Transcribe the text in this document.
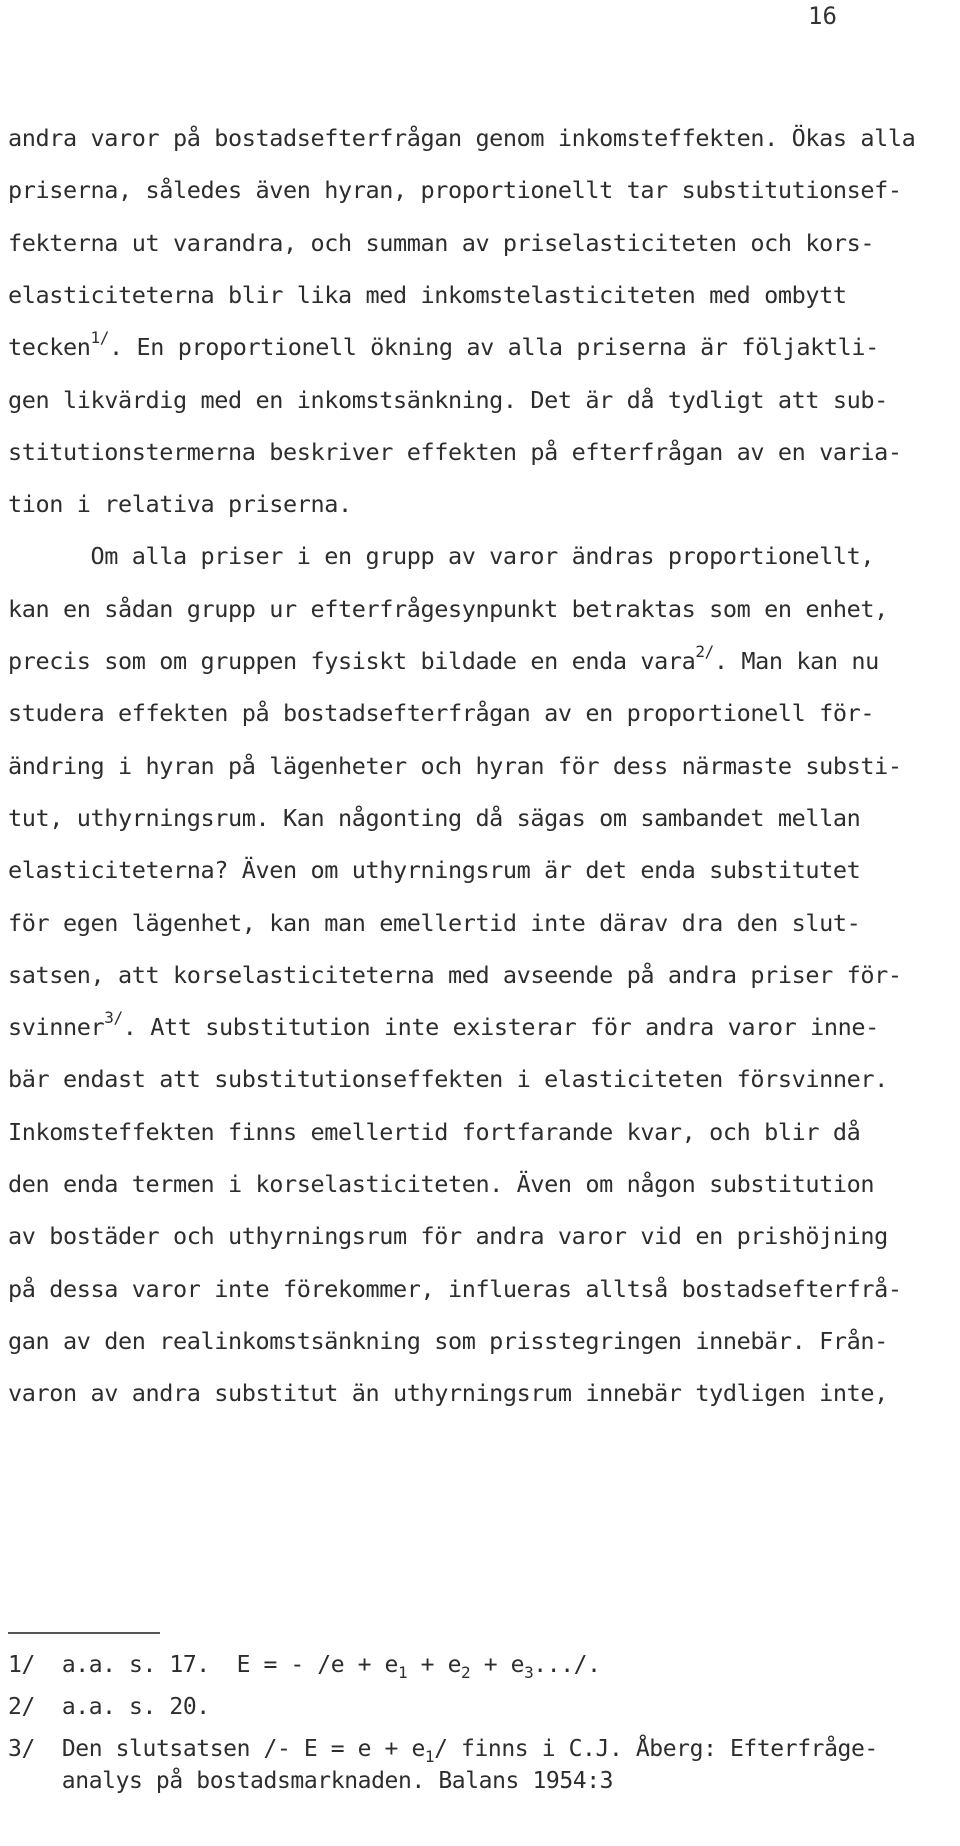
16
andra varor på bostadsefterfrågan genom inkomsteffekten. Ökas alla
priserna, således även hyran, proportionellt tar substitutionsef-
fekterna ut varandra, och summan av priselasticiteten och kors-
elasticiteterna blir lika med inkomstelasticiteten med ombytt
tecken$^{1/}$. En proportionell ökning av alla priserna är följaktli-
gen likvärdig med en inkomstsänkning. Det är då tydligt att sub-
stitutionstermerna beskriver effekten på efterfrågan av en varia-
tion i relativa priserna.
Om alla priser i en grupp av varor ändras proportionellt,
kan en sådan grupp ur efterfrågesynpunkt betraktas som en enhet,
precis som om gruppen fysiskt bildade en enda vara$^{2/}$. Man kan nu
studera effekten på bostadsefterfrågan av en proportionell för-
ändring i hyran på lägenheter och hyran för dess närmaste substi-
tut, uthyrningsrum. Kan någonting då sägas om sambandet mellan
elasticiteterna? Även om uthyrningsrum är det enda substitutet
för egen lägenhet, kan man emellertid inte därav dra den slut-
satsen, att korselasticiteterna med avseende på andra priser för-
svinner$^{3/}$. Att substitution inte existerar för andra varor inne-
bär endast att substitutionseffekten i elasticiteten försvinner.
Inkomsteffekten finns emellertid fortfarande kvar, och blir då
den enda termen i korselasticiteten. Även om någon substitution
av bostäder och uthyrningsrum för andra varor vid en prishöjning
på dessa varor inte förekommer, influeras alltså bostadsefterfrå-
gan av den realinkomstsänkning som prisstegringen innebär. Från-
varon av andra substitut än uthyrningsrum innebär tydligen inte,
1/ a.a. s. 17.  E = - $/e + e_1 + e_2 + e_3.../$.
2/ a.a. s. 20.
3/ Den slutsatsen /- $E = e + e_1/$ finns i C.J. Åberg: Efterfråge-
analys på bostadsmarknaden. Balans 1954:3
